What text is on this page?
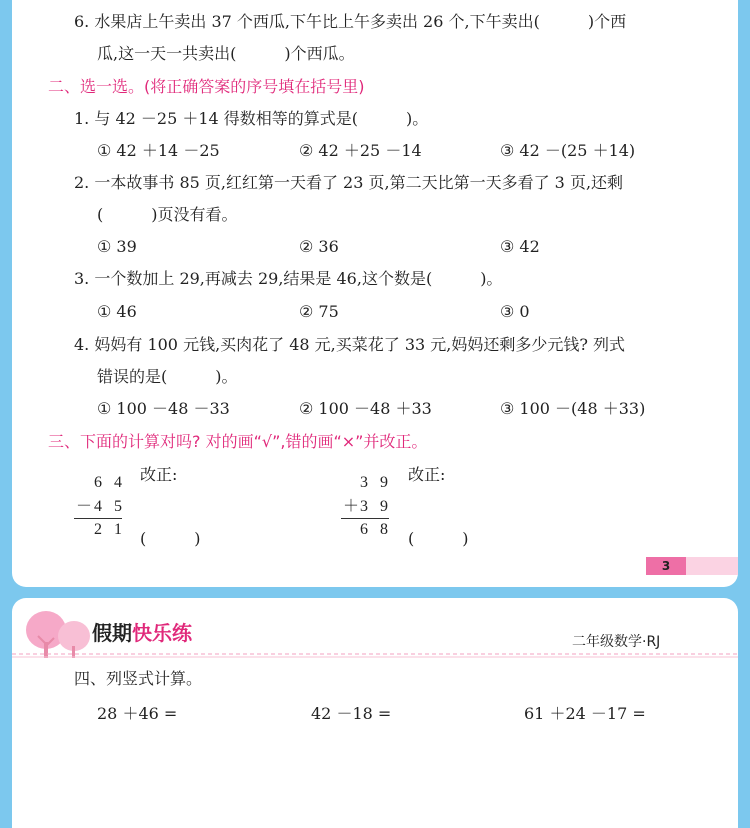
6. 水果店上午卖出 37 个西瓜,下午比上午多卖出 26 个,下午卖出(　　　)个西
瓜,这一天一共卖出(　　　)个西瓜。
二、选一选。(将正确答案的序号填在括号里)
1. 与 42 －25 ＋14 得数相等的算式是(　　　)。
① 42 ＋14 －25	② 42 ＋25 －14	③ 42 －(25 ＋14)
2. 一本故事书 85 页,红红第一天看了 23 页,第二天比第一天多看了 3 页,还剩
(　　　)页没有看。
① 39	② 36	③ 42
3. 一个数加上 29,再减去 29,结果是 46,这个数是(　　　)。
① 46	② 75	③ 0
4. 妈妈有 100 元钱,买肉花了 48 元,买菜花了 33 元,妈妈还剩多少元钱? 列式
错误的是(　　　)。
① 100 －48 －33	② 100 －48 ＋33	③ 100 －(48 ＋33)
三、下面的计算对吗? 对的画“√”,错的画“×”并改正。
6 4
－ 4 5
2 1
改正:
(　　　)
3 9
＋ 3 9
6 8
改正:
(　　　)
3
假期快乐练	二年级数学·RJ
四、列竖式计算。
28 ＋46 =	42 －18 =	61 ＋24 －17 =
